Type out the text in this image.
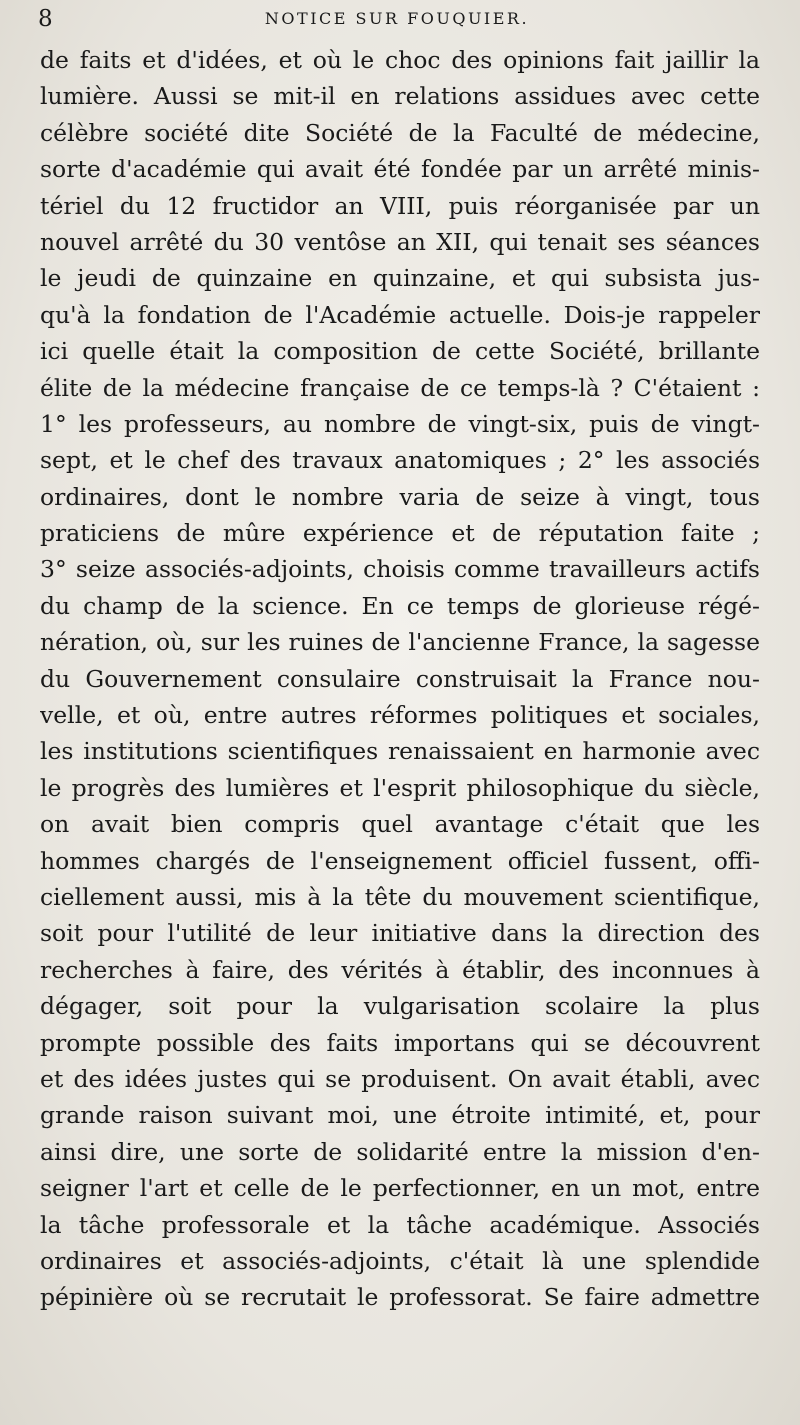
8	NOTICE SUR FOUQUIER.
de faits et d'idées, et où le choc des opinions fait jaillir la
lumière. Aussi se mit-il en relations assidues avec cette
célèbre société dite Société de la Faculté de médecine,
sorte d'académie qui avait été fondée par un arrêté minis-
tériel du 12 fructidor an VIII, puis réorganisée par un
nouvel arrêté du 30 ventôse an XII, qui tenait ses séances
le jeudi de quinzaine en quinzaine, et qui subsista jus-
qu'à la fondation de l'Académie actuelle. Dois-je rappeler
ici quelle était la composition de cette Société, brillante
élite de la médecine française de ce temps-là ? C'étaient :
1° les professeurs, au nombre de vingt-six, puis de vingt-
sept, et le chef des travaux anatomiques ; 2° les associés
ordinaires, dont le nombre varia de seize à vingt, tous
praticiens de mûre expérience et de réputation faite ;
3° seize associés-adjoints, choisis comme travailleurs actifs
du champ de la science. En ce temps de glorieuse régé-
nération, où, sur les ruines de l'ancienne France, la sagesse
du Gouvernement consulaire construisait la France nou-
velle, et où, entre autres réformes politiques et sociales,
les institutions scientifiques renaissaient en harmonie avec
le progrès des lumières et l'esprit philosophique du siècle,
on avait bien compris quel avantage c'était que les
hommes chargés de l'enseignement officiel fussent, offi-
ciellement aussi, mis à la tête du mouvement scientifique,
soit pour l'utilité de leur initiative dans la direction des
recherches à faire, des vérités à établir, des inconnues à
dégager, soit pour la vulgarisation scolaire la plus
prompte possible des faits importans qui se découvrent
et des idées justes qui se produisent. On avait établi, avec
grande raison suivant moi, une étroite intimité, et, pour
ainsi dire, une sorte de solidarité entre la mission d'en-
seigner l'art et celle de le perfectionner, en un mot, entre
la tâche professorale et la tâche académique. Associés
ordinaires et associés-adjoints, c'était là une splendide
pépinière où se recrutait le professorat. Se faire admettre
